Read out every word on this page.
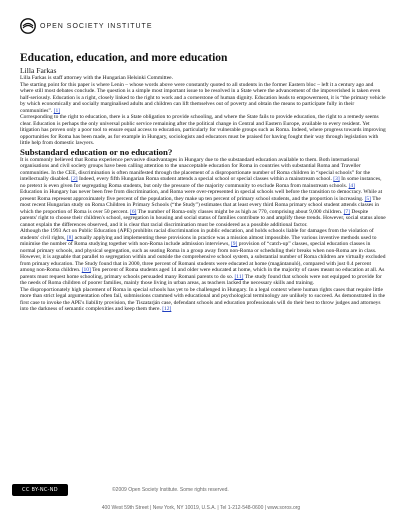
OPEN SOCIETY INSTITUTE
Education, education, and more education

Lilla Farkas

Lilla Farkas is staff attorney with the Hungarian Helsinki Committee.

The starting point for this paper is where Lenin – whose words above were constantly quoted to all students in the former Eastern bloc – left it a century ago and where still most debates conclude. The question is a simple most important issue to be resolved in a State where the advancement of the impoverished is taken even half-seriously. Education is a right, closely linked to the right to work and a cornerstone of human dignity. Education leads to empowerment, it is “the primary vehicle by which economically and socially marginalised adults and children can lift themselves out of poverty and obtain the means to participate fully in their communities”. [1]

Corresponding to the right to education, there is a State obligation to provide schooling, and where the State fails to provide education, the right to a remedy seems clear. Education is perhaps the only universal public service remaining after the political change in Central and Eastern Europe, available to every resident. Yet litigation has proven only a poor tool to ensure equal access to education, particularly for vulnerable groups such as Roma. Indeed, where progress towards improving opportunities for Roma has been made, as for example in Hungary, sociologists and educators must be praised for having fought their way through legislation with little help from domestic lawyers.

Substandard education or no education?

It is commonly believed that Roma experience pervasive disadvantages in Hungary due to the substandard education available to them. Both international organisations and civil society groups have been calling attention to the unacceptable education for Roma in countries with substantial Roma and Traveller communities. In the CEE, discrimination is often manifested through the placement of a disproportionate number of Roma children in “special schools” for the intellectually disabled. [2] Indeed, every fifth Hungarian Roma student attends a special school or special classes within a mainstream school. [3] In some instances, no pretext is even given for segregating Roma students, but only the pressure of the majority community to exclude Roma from mainstream schools. [4]

Education in Hungary has never been free from discrimination, and Roma were over-represented in special schools well before the transition to democracy. While at present Roma represent approximately five percent of the population, they make up ten percent of primary school students, and the proportion is increasing. [5] The most recent Hungarian study on Roma Children in Primary Schools (“the Study”) estimates that at least every third Roma primary school student attends classes in which the proportion of Roma is over 50 percent. [6] The number of Roma-only classes might be as high as 770, comprising about 9,000 children. [7] Despite parents' right to choose their children's school, segregation in housing and social status of families contribute to and amplify these trends. However, social status alone cannot explain the differences observed, and it is clear that racial discrimination must be considered as a possible additional factor.

Although the 1993 Act on Public Education (APE) prohibits racial discrimination in public education, and holds schools liable for damages from the violation of students' civil rights, [8] actually applying and implementing these provisions in practice was a mission almost impossible. The various inventive methods used to minimise the number of Roma studying together with non-Roma include admission interviews, [9] provision of “catch-up” classes, special education classes in normal primary schools, and physical segregation, such as seating Roma in a group away from non-Roma or scheduling their breaks when non-Roma are in class.

However, it is arguable that parallel to segregation within and outside the comprehensive school system, a substantial number of Roma children are virtually excluded from primary education. The Study found that in 2000, three percent of Romani students were educated at home (magántanuló), compared with just 0.4 percent among non-Roma children. [10] Ten percent of Roma students aged 14 and older were educated at home, which in the majority of cases meant no education at all. As parents must request home schooling, primary schools persuaded many Romani parents to do so. [11] The study found that schools were not equipped to provide for the needs of Roma children of poorer families, mainly those living in urban areas, as teachers lacked the necessary skills and training.

The disproportionately high placement of Roma in special schools has yet to be challenged in Hungary. In a legal context where human rights cases that require little more than strict legal argumentation often fail, submissions crammed with educational and psychological terminology are unlikely to succeed. As demonstrated in the first case to invoke the APE's liability provision, the Tiszatarján case, defendant schools and education professionals will do their best to throw judges and attorneys into the darkness of semantic complexities and keep them there. [12]

CC BY-NC-ND	©2009 Open Society Institute. Some rights reserved.
400 West 59th Street | New York, NY 10019, U.S.A. | Tel 1-212-548-0600 | www.soros.org
